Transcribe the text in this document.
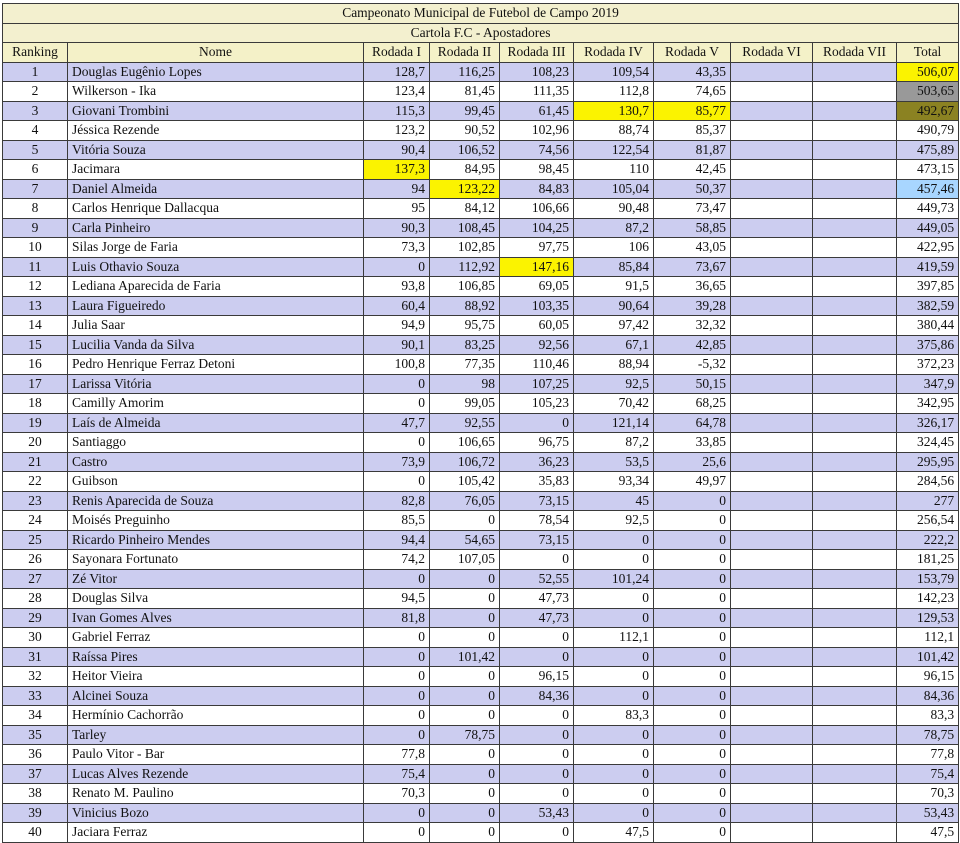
Campeonato Municipal de Futebol de Campo 2019									
Cartola F.C - Apostadores									
Ranking	Nome	Rodada I	Rodada II	Rodada III	Rodada IV	Rodada V	Rodada VI	Rodada VII	Total
1	Douglas Eugênio Lopes	128,7	116,25	108,23	109,54	43,35			506,07
2	Wilkerson - Ika	123,4	81,45	111,35	112,8	74,65			503,65
3	Giovani Trombini	115,3	99,45	61,45	130,7	85,77			492,67
4	Jéssica Rezende	123,2	90,52	102,96	88,74	85,37			490,79
5	Vitória Souza	90,4	106,52	74,56	122,54	81,87			475,89
6	Jacimara	137,3	84,95	98,45	110	42,45			473,15
7	Daniel Almeida	94	123,22	84,83	105,04	50,37			457,46
8	Carlos Henrique Dallacqua	95	84,12	106,66	90,48	73,47			449,73
9	Carla Pinheiro	90,3	108,45	104,25	87,2	58,85			449,05
10	Silas Jorge de Faria	73,3	102,85	97,75	106	43,05			422,95
11	Luis Othavio Souza	0	112,92	147,16	85,84	73,67			419,59
12	Lediana Aparecida de Faria	93,8	106,85	69,05	91,5	36,65			397,85
13	Laura Figueiredo	60,4	88,92	103,35	90,64	39,28			382,59
14	Julia Saar	94,9	95,75	60,05	97,42	32,32			380,44
15	Lucilia Vanda da Silva	90,1	83,25	92,56	67,1	42,85			375,86
16	Pedro Henrique Ferraz Detoni	100,8	77,35	110,46	88,94	-5,32			372,23
17	Larissa Vitória	0	98	107,25	92,5	50,15			347,9
18	Camilly Amorim	0	99,05	105,23	70,42	68,25			342,95
19	Laís de Almeida	47,7	92,55	0	121,14	64,78			326,17
20	Santiaggo	0	106,65	96,75	87,2	33,85			324,45
21	Castro	73,9	106,72	36,23	53,5	25,6			295,95
22	Guibson	0	105,42	35,83	93,34	49,97			284,56
23	Renis Aparecida de Souza	82,8	76,05	73,15	45	0			277
24	Moisés Preguinho	85,5	0	78,54	92,5	0			256,54
25	Ricardo Pinheiro Mendes	94,4	54,65	73,15	0	0			222,2
26	Sayonara Fortunato	74,2	107,05	0	0	0			181,25
27	Zé Vitor	0	0	52,55	101,24	0			153,79
28	Douglas Silva	94,5	0	47,73	0	0			142,23
29	Ivan Gomes Alves	81,8	0	47,73	0	0			129,53
30	Gabriel Ferraz	0	0	0	112,1	0			112,1
31	Raíssa Pires	0	101,42	0	0	0			101,42
32	Heitor Vieira	0	0	96,15	0	0			96,15
33	Alcinei Souza	0	0	84,36	0	0			84,36
34	Hermínio Cachorrão	0	0	0	83,3	0			83,3
35	Tarley	0	78,75	0	0	0			78,75
36	Paulo Vitor - Bar	77,8	0	0	0	0			77,8
37	Lucas Alves Rezende	75,4	0	0	0	0			75,4
38	Renato M. Paulino	70,3	0	0	0	0			70,3
39	Vinicius Bozo	0	0	53,43	0	0			53,43
40	Jaciara Ferraz	0	0	0	47,5	0			47,5
